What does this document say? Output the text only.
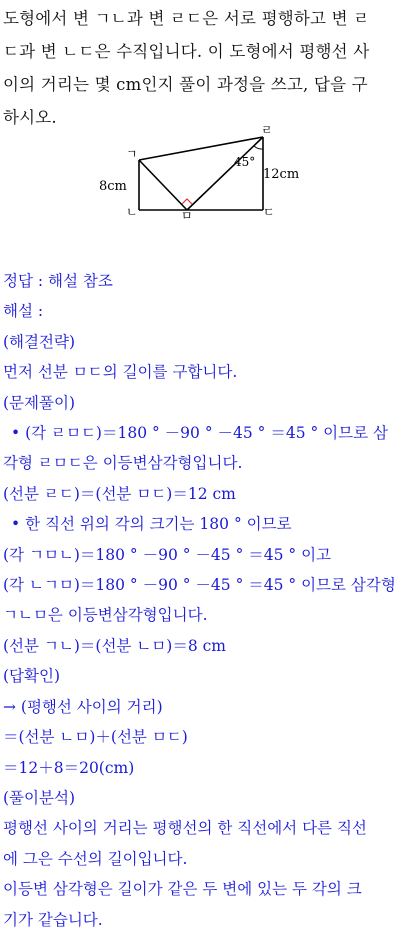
도형에서 변 ㄱㄴ과 변 ㄹㄷ은 서로 평행하고 변 ㄹ
ㄷ과 변 ㄴㄷ은 수직입니다. 이 도형에서 평행선 사
이의 거리는 몇 cm인지 풀이 과정을 쓰고, 답을 구
하시오.
ㄱ
ㄴ	ㅁ	ㄷ
ㄹ
8cm
12cm
45°
정답 : 해설 참조
해설 :
(해결전략)
먼저 선분 ㅁㄷ의 길이를 구합니다.
(문제풀이)
• (각 ㄹㅁㄷ)＝180 ° －90 ° －45 ° ＝45 ° 이므로 삼
각형 ㄹㅁㄷ은 이등변삼각형입니다.
(선분 ㄹㄷ)＝(선분 ㅁㄷ)＝12 cm
• 한 직선 위의 각의 크기는 180 ° 이므로
(각 ㄱㅁㄴ)＝180 ° －90 ° －45 ° ＝45 ° 이고
(각 ㄴㄱㅁ)＝180 ° －90 ° －45 ° ＝45 ° 이므로 삼각형
ㄱㄴㅁ은 이등변삼각형입니다.
(선분 ㄱㄴ)＝(선분 ㄴㅁ)＝8 cm
(답확인)
→ (평행선 사이의 거리)
＝(선분 ㄴㅁ)＋(선분 ㅁㄷ)
＝12＋8＝20(cm)
(풀이분석)
평행선 사이의 거리는 평행선의 한 직선에서 다른 직선
에 그은 수선의 길이입니다.
이등변 삼각형은 길이가 같은 두 변에 있는 두 각의 크
기가 같습니다.
